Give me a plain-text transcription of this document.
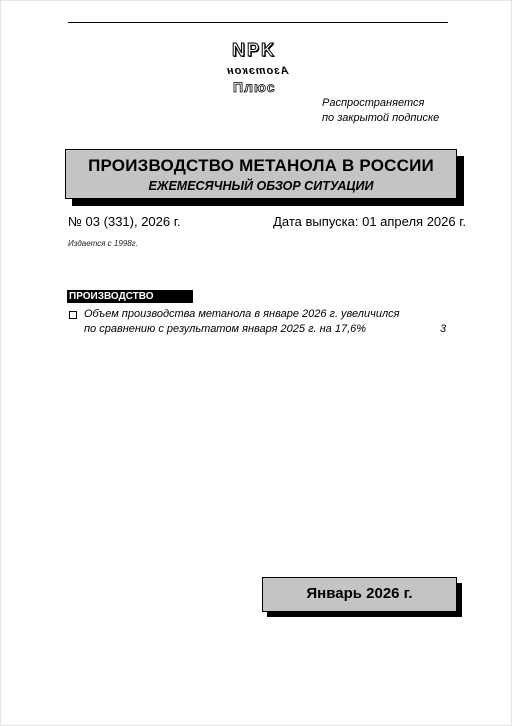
NPK
Азотэкон
Плюс
Распространяется
по закрытой подписке
ПРОИЗВОДСТВО МЕТАНОЛА В РОССИИ
ЕЖЕМЕСЯЧНЫЙ ОБЗОР СИТУАЦИИ
№ 03 (331), 2026 г.	Дата выпуска: 01 апреля 2026 г.
Издается с 1998г.
ПРОИЗВОДСТВО
Объем производства метанола в январе 2026 г. увеличился
по сравнению с результатом января 2025 г. на 17,6%	3
Январь 2026 г.
